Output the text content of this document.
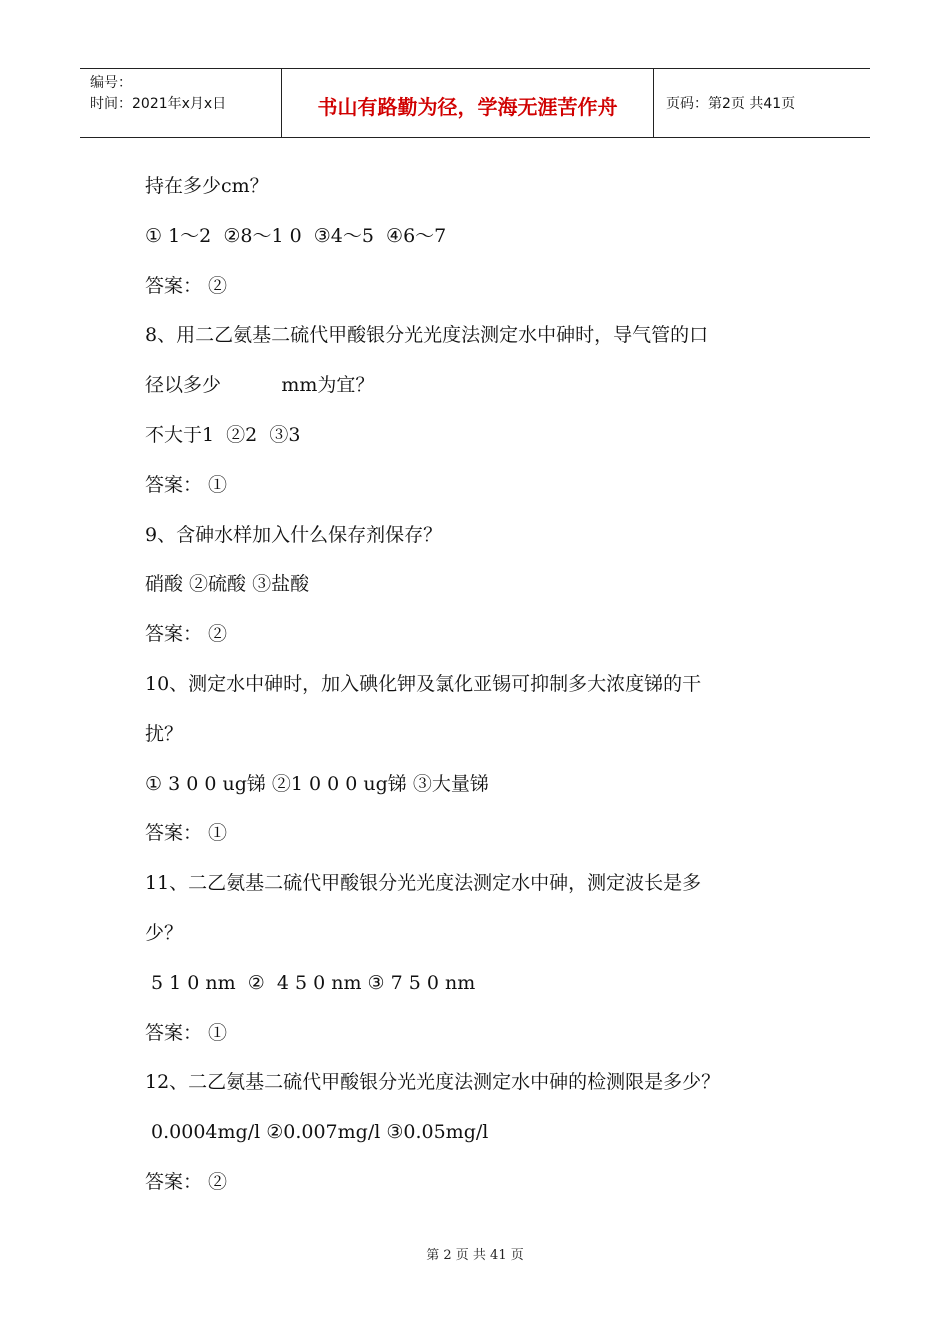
编号：
时间：2021年x月x日	书山有路勤为径，学海无涯苦作舟	页码：第2页 共41页
持在多少cm？
① 1～2  ②8～1 0  ③4～5  ④6～7
答案： ②
8、用二乙氨基二硫代甲酸银分光光度法测定水中砷时，导气管的口
径以多少          mm为宜？
不大于1  ②2  ③3
答案： ①
9、含砷水样加入什么保存剂保存？
硝酸 ②硫酸 ③盐酸
答案： ②
10、测定水中砷时，加入碘化钾及氯化亚锡可抑制多大浓度锑的干
扰？
① 3 0 0 ug锑 ②1 0 0 0 ug锑 ③大量锑
答案： ①
11、二乙氨基二硫代甲酸银分光光度法测定水中砷，测定波长是多
少？
5 1 0 nm  ②  4 5 0 nm ③ 7 5 0 nm
答案： ①
12、二乙氨基二硫代甲酸银分光光度法测定水中砷的检测限是多少？
0.0004mg/l ②0.007mg/l ③0.05mg/l
答案： ②
第 2 页 共 41 页
